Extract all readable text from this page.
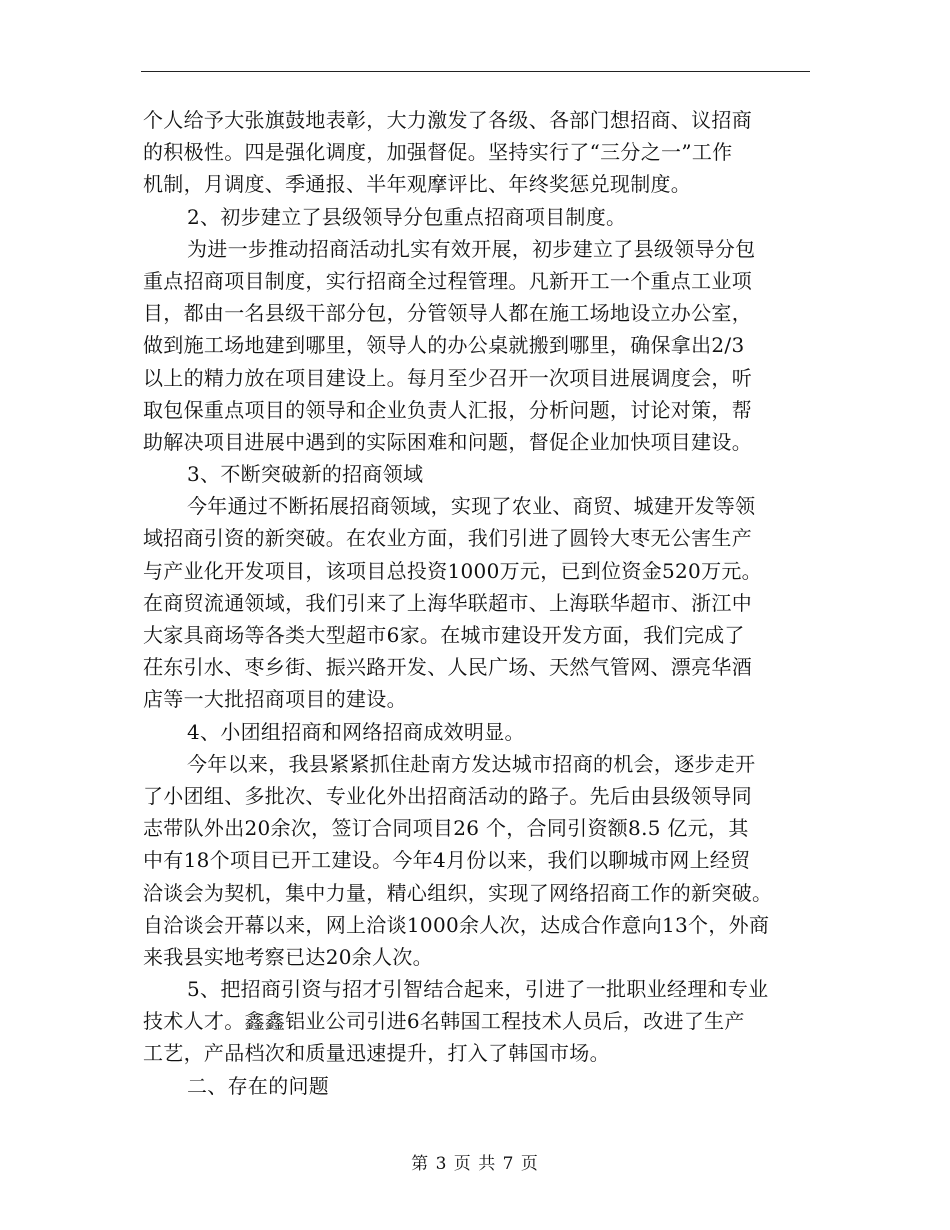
个人给予大张旗鼓地表彰，大力激发了各级、各部门想招商、议招商
的积极性。四是强化调度，加强督促。坚持实行了“三分之一”工作
机制，月调度、季通报、半年观摩评比、年终奖惩兑现制度。
2、初步建立了县级领导分包重点招商项目制度。
为进一步推动招商活动扎实有效开展，初步建立了县级领导分包
重点招商项目制度，实行招商全过程管理。凡新开工一个重点工业项
目，都由一名县级干部分包，分管领导人都在施工场地设立办公室，
做到施工场地建到哪里，领导人的办公桌就搬到哪里，确保拿出2/3
以上的精力放在项目建设上。每月至少召开一次项目进展调度会，听
取包保重点项目的领导和企业负责人汇报，分析问题，讨论对策，帮
助解决项目进展中遇到的实际困难和问题，督促企业加快项目建设。
3、不断突破新的招商领域
今年通过不断拓展招商领域，实现了农业、商贸、城建开发等领
域招商引资的新突破。在农业方面，我们引进了圆铃大枣无公害生产
与产业化开发项目，该项目总投资1000万元，已到位资金520万元。
在商贸流通领域，我们引来了上海华联超市、上海联华超市、浙江中
大家具商场等各类大型超市6家。在城市建设开发方面，我们完成了
茌东引水、枣乡街、振兴路开发、人民广场、天然气管网、漂亮华酒
店等一大批招商项目的建设。
4、小团组招商和网络招商成效明显。
今年以来，我县紧紧抓住赴南方发达城市招商的机会，逐步走开
了小团组、多批次、专业化外出招商活动的路子。先后由县级领导同
志带队外出20余次，签订合同项目26 个，合同引资额8.5 亿元，其
中有18个项目已开工建设。今年4月份以来，我们以聊城市网上经贸
洽谈会为契机，集中力量，精心组织，实现了网络招商工作的新突破。
自洽谈会开幕以来，网上洽谈1000余人次，达成合作意向13个，外商
来我县实地考察已达20余人次。
5、把招商引资与招才引智结合起来，引进了一批职业经理和专业
技术人才。鑫鑫铝业公司引进6名韩国工程技术人员后，改进了生产
工艺，产品档次和质量迅速提升，打入了韩国市场。
二、存在的问题
第 3 页 共 7 页
